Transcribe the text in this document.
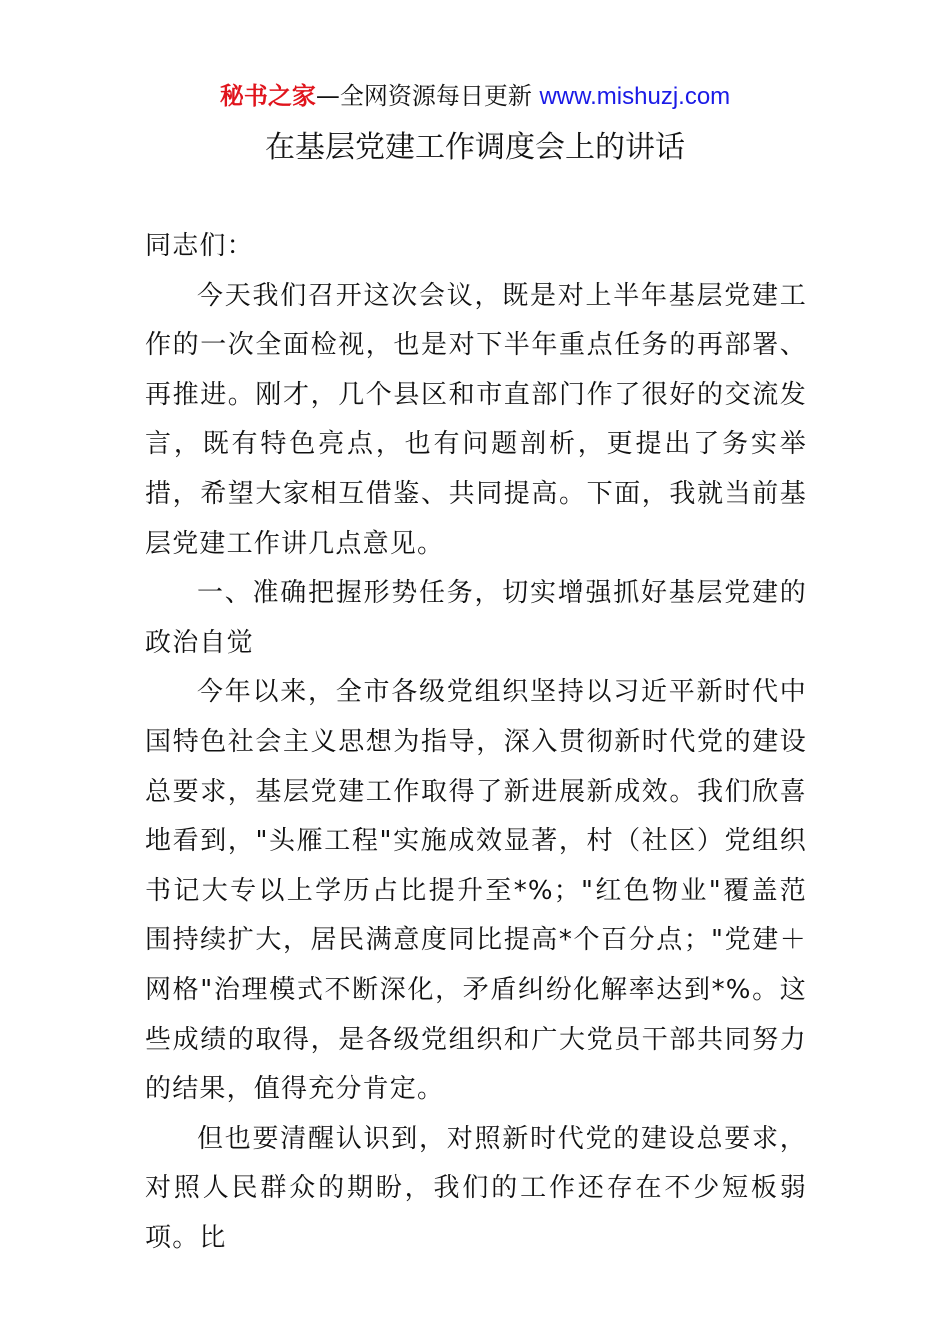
秘书之家—全网资源每日更新 www.mishuzj.com
在基层党建工作调度会上的讲话

同志们：

今天我们召开这次会议，既是对上半年基层党建工作的一次全面检视，也是对下半年重点任务的再部署、再推进。刚才，几个县区和市直部门作了很好的交流发言，既有特色亮点，也有问题剖析，更提出了务实举措，希望大家相互借鉴、共同提高。下面，我就当前基层党建工作讲几点意见。

一、准确把握形势任务，切实增强抓好基层党建的政治自觉

今年以来，全市各级党组织坚持以习近平新时代中国特色社会主义思想为指导，深入贯彻新时代党的建设总要求，基层党建工作取得了新进展新成效。我们欣喜地看到，"头雁工程"实施成效显著，村（社区）党组织书记大专以上学历占比提升至*%；"红色物业"覆盖范围持续扩大，居民满意度同比提高*个百分点；"党建＋网格"治理模式不断深化，矛盾纠纷化解率达到*%。这些成绩的取得，是各级党组织和广大党员干部共同努力的结果，值得充分肯定。

但也要清醒认识到，对照新时代党的建设总要求，对照人民群众的期盼，我们的工作还存在不少短板弱项。比
